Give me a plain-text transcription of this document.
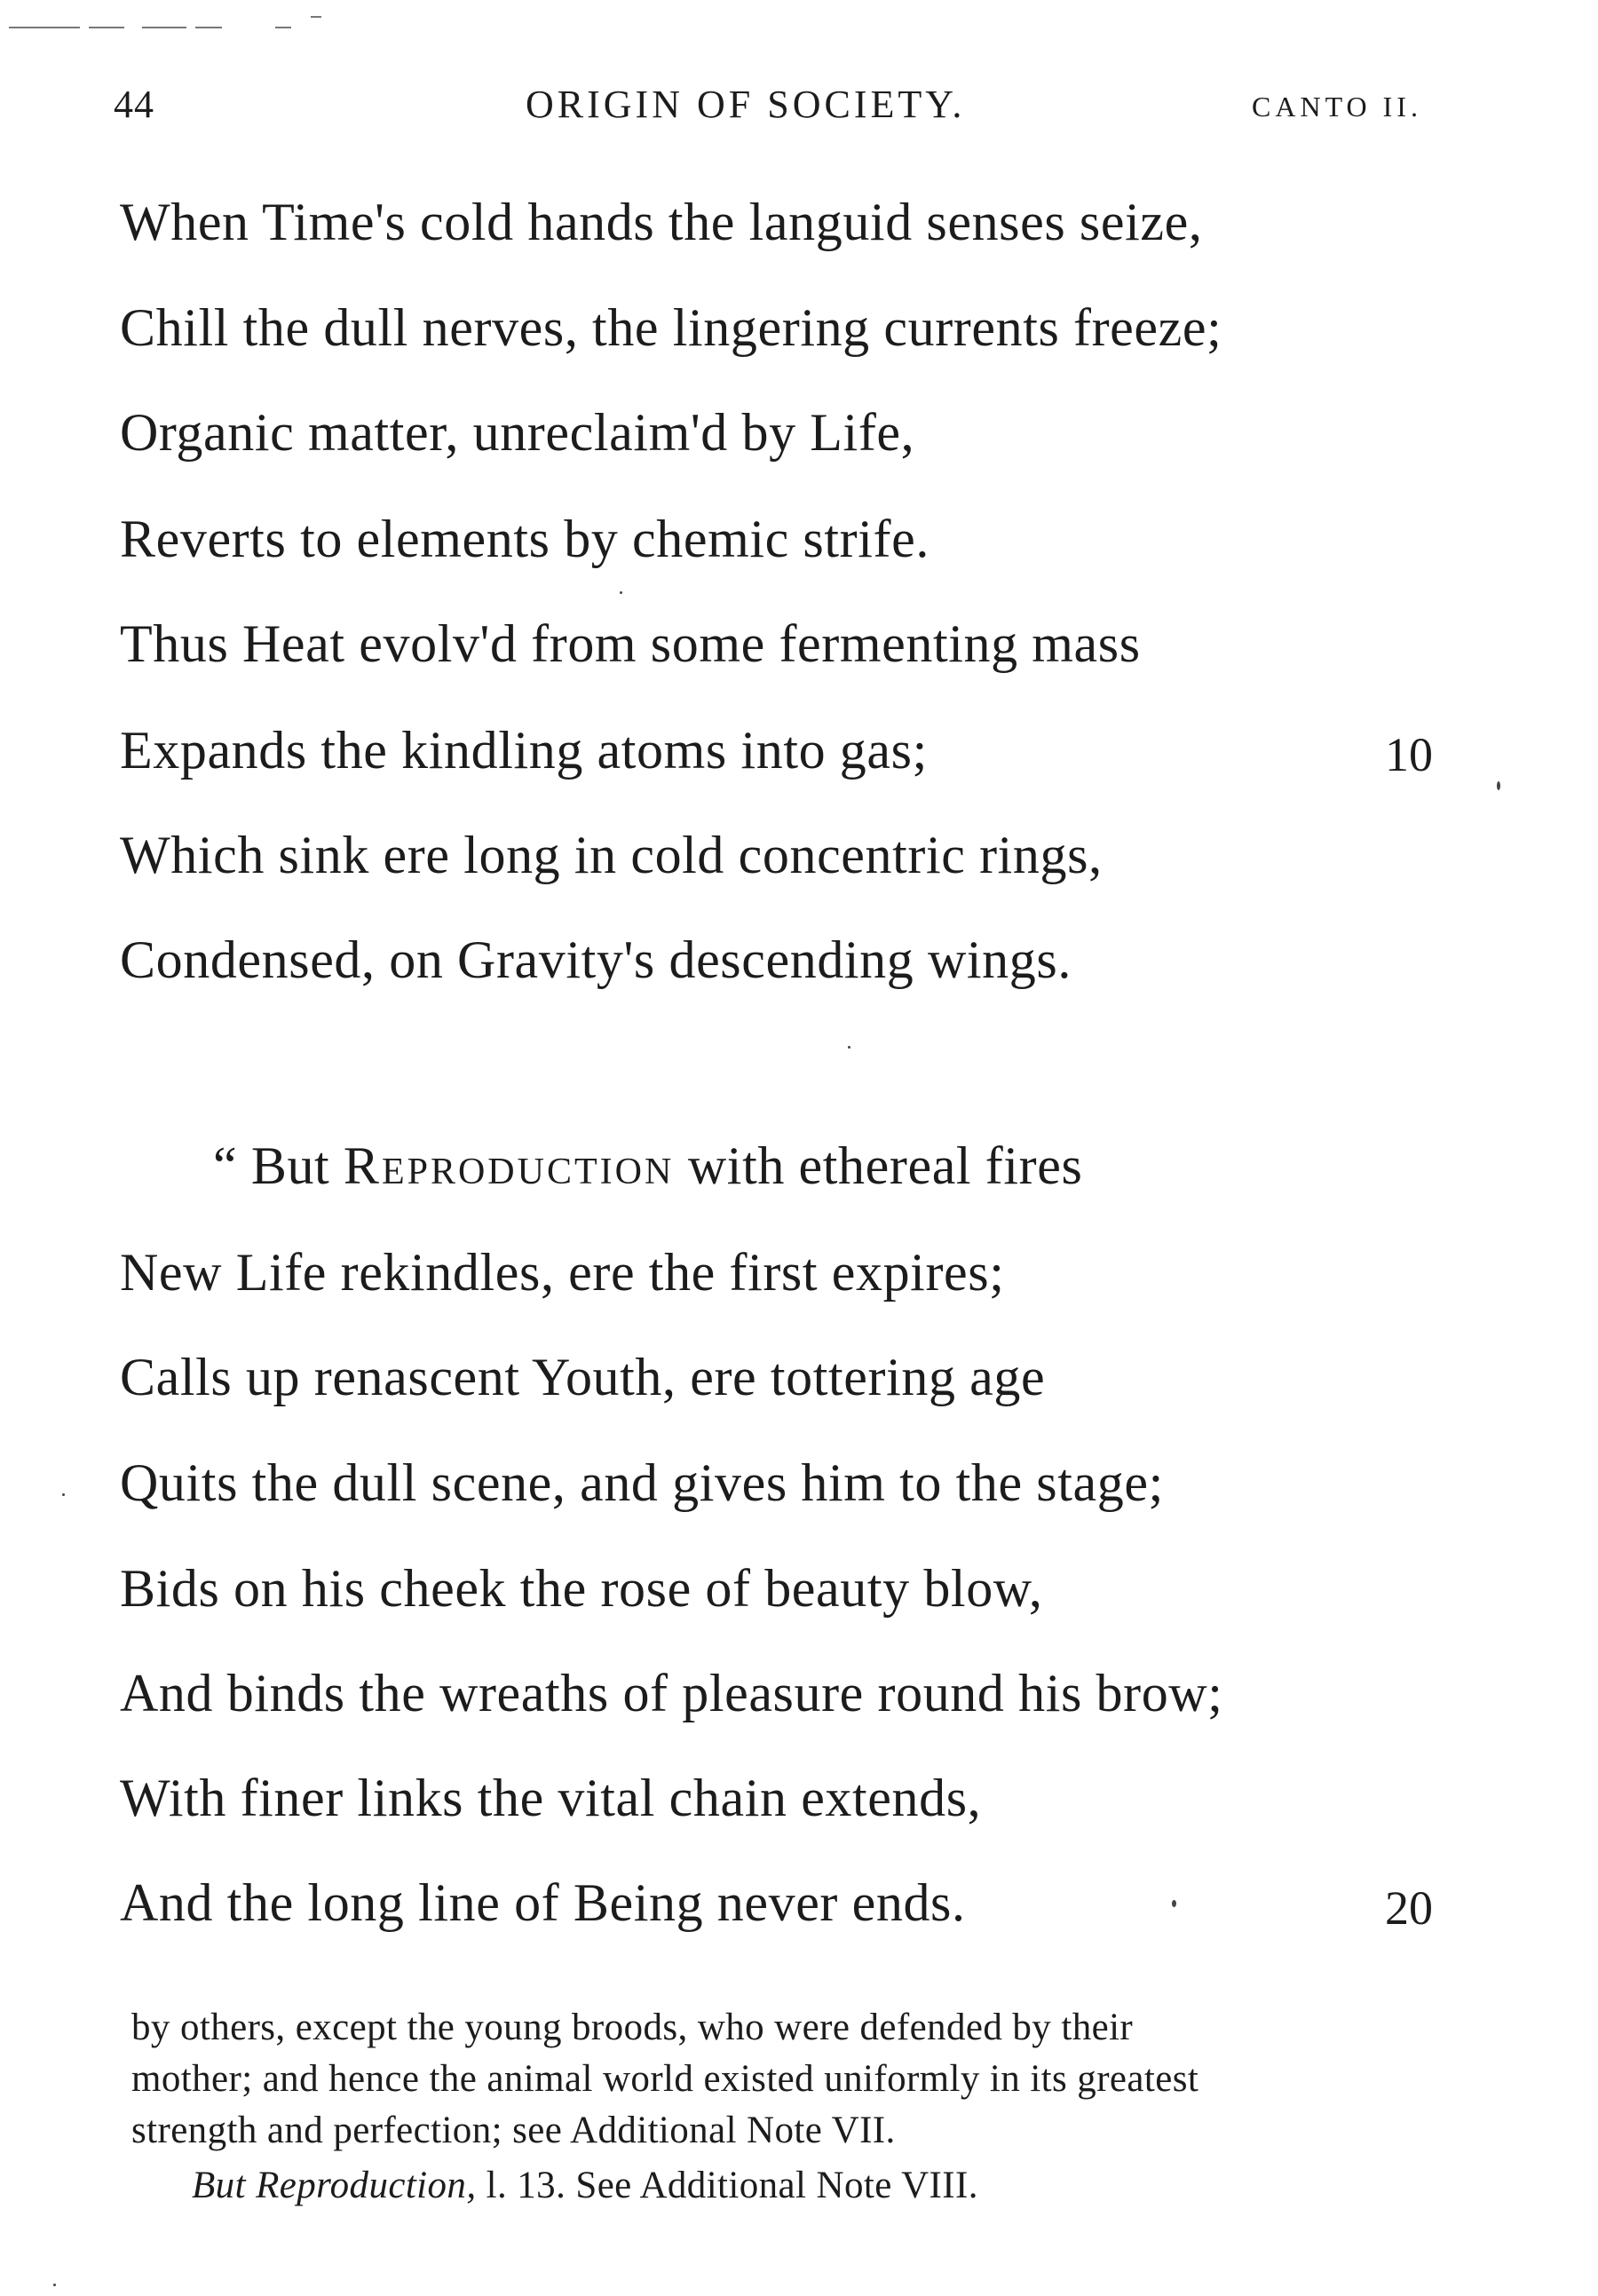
44	ORIGIN OF SOCIETY.	CANTO II.
When Time's cold hands the languid senses seize,
Chill the dull nerves, the lingering currents freeze;
Organic matter, unreclaim'd by Life,
Reverts to elements by chemic strife.
Thus Heat evolv'd from some fermenting mass
Expands the kindling atoms into gas;	10
Which sink ere long in cold concentric rings,
Condensed, on Gravity's descending wings.
“ But Reproduction with ethereal fires
New Life rekindles, ere the first expires;
Calls up renascent Youth, ere tottering age
Quits the dull scene, and gives him to the stage;
Bids on his cheek the rose of beauty blow,
And binds the wreaths of pleasure round his brow;
With finer links the vital chain extends,
And the long line of Being never ends.	20
by others, except the young broods, who were defended by their
mother; and hence the animal world existed uniformly in its greatest
strength and perfection; see Additional Note VII.
But Reproduction, l. 13. See Additional Note VIII.
